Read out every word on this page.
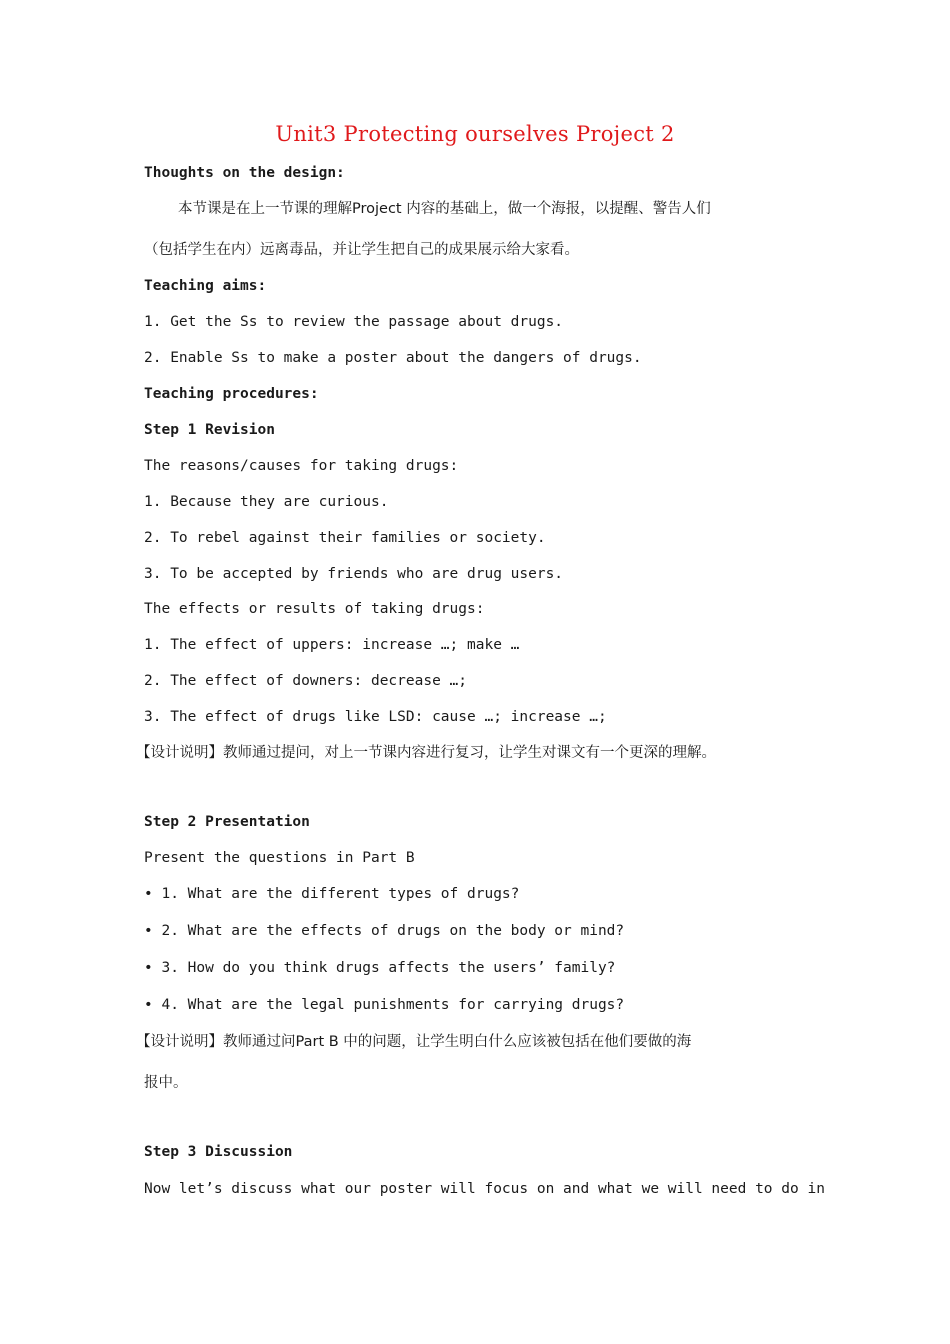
Unit3 Protecting ourselves Project 2
Thoughts on the design:
本节课是在上一节课的理解Project 内容的基础上，做一个海报，以提醒、警告人们
（包括学生在内）远离毒品，并让学生把自己的成果展示给大家看。
Teaching aims:
1. Get the Ss to review the passage about drugs.
2. Enable Ss to make a poster about the dangers of drugs.
Teaching procedures:
Step 1 Revision
The reasons/causes for taking drugs:
1. Because they are curious.
2. To rebel against their families or society.
3. To be accepted by friends who are drug users.
The effects or results of taking drugs:
1. The effect of uppers: increase …; make …
2. The effect of downers: decrease …;
3. The effect of drugs like LSD: cause …; increase …;
【设计说明】教师通过提问，对上一节课内容进行复习，让学生对课文有一个更深的理解。
Step 2 Presentation
Present the questions in Part B
• 1. What are the different types of drugs?
• 2. What are the effects of drugs on the body or mind?
• 3. How do you think drugs affects the users’ family?
• 4. What are the legal punishments for carrying drugs?
【设计说明】教师通过问Part B 中的问题，让学生明白什么应该被包括在他们要做的海
报中。
Step 3 Discussion
Now let’s discuss what our poster will focus on and what we will need to do in
